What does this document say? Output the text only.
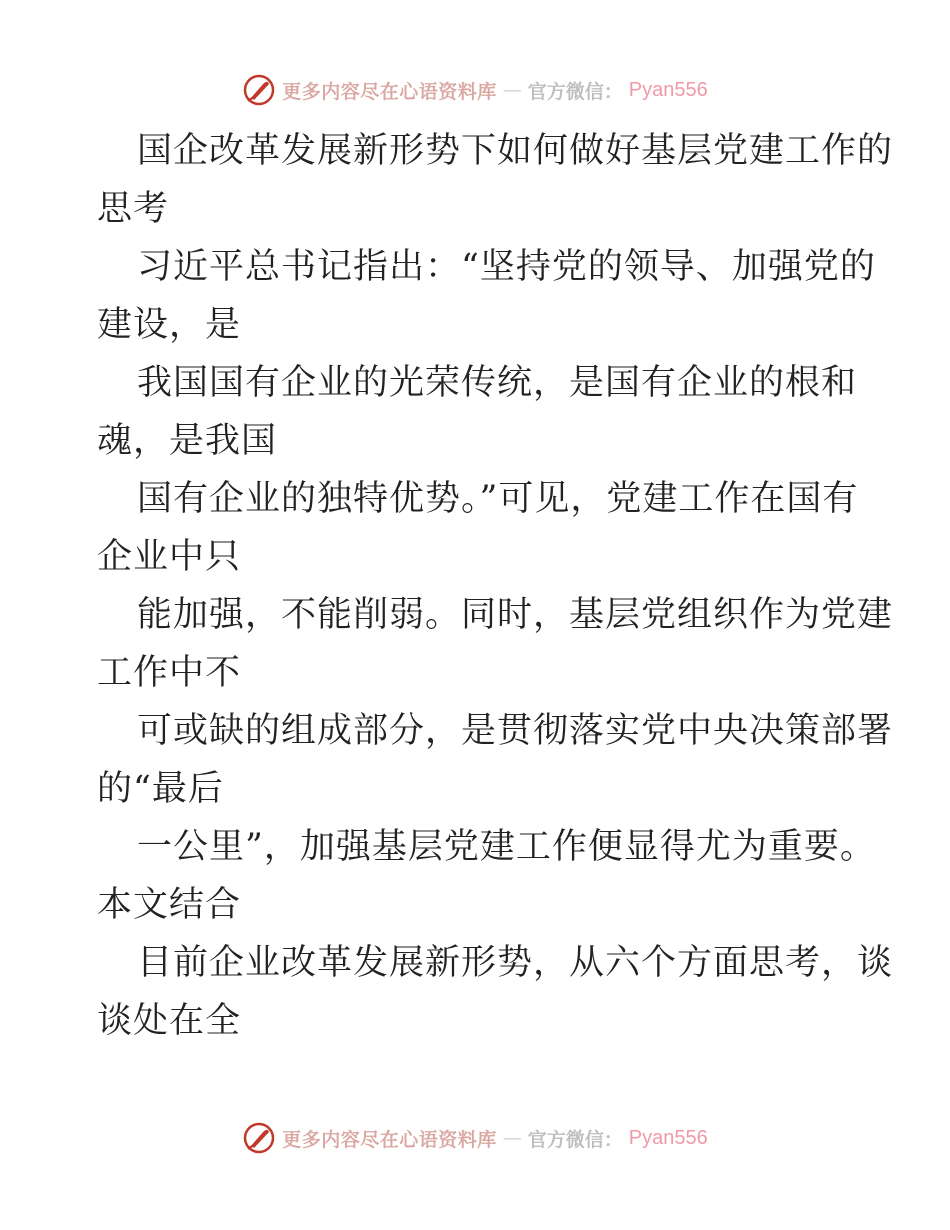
更多内容尽在心语资料库 — 官方微信： Pyan556
国企改革发展新形势下如何做好基层党建工作的
思考
习近平总书记指出：“坚持党的领导、加强党的
建设，是
我国国有企业的光荣传统，是国有企业的根和
魂，是我国
国有企业的独特优势。”可见，党建工作在国有
企业中只
能加强，不能削弱。同时，基层党组织作为党建
工作中不
可或缺的组成部分，是贯彻落实党中央决策部署
的“最后
一公里”，加强基层党建工作便显得尤为重要。
本文结合
目前企业改革发展新形势，从六个方面思考，谈
谈处在全
更多内容尽在心语资料库 — 官方微信： Pyan556
